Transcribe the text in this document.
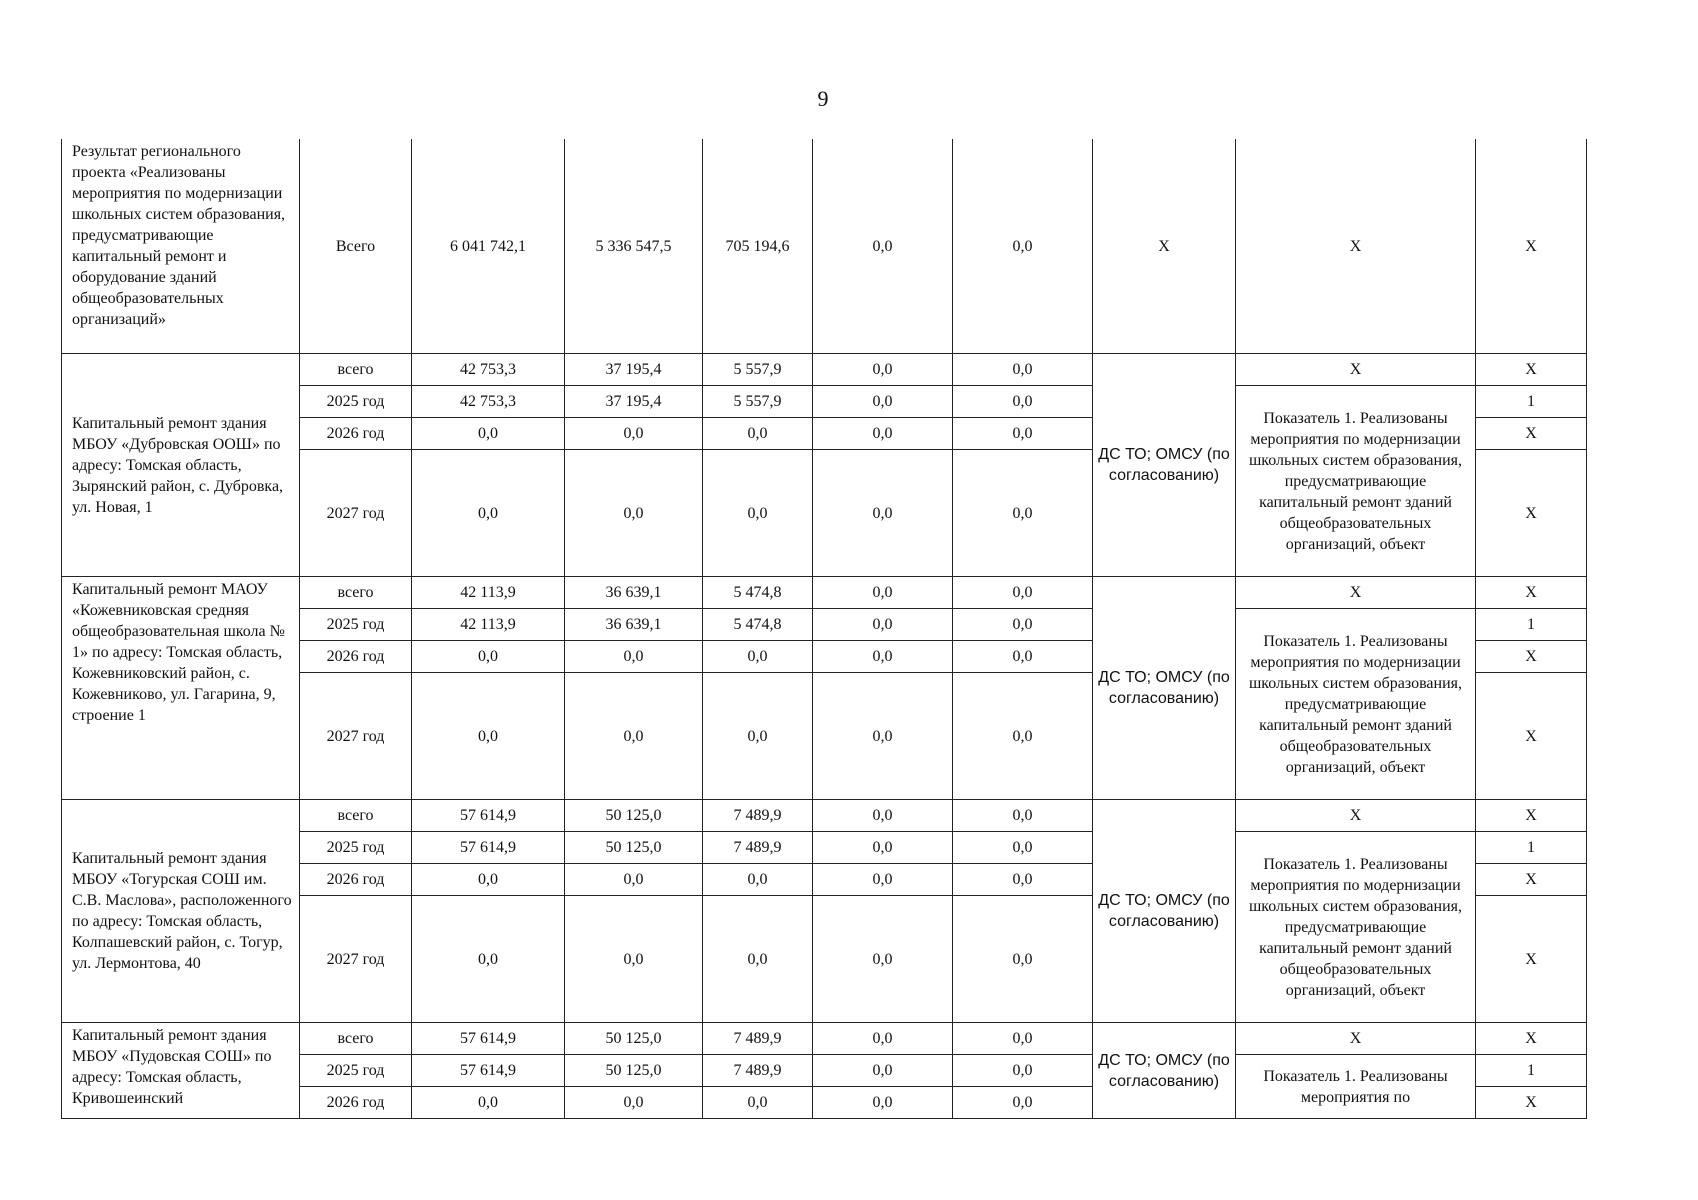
9
Результат регионального проекта «Реализованы мероприятия по модернизации школьных систем образования, предусматривающие капитальный ремонт и оборудование зданий общеобразовательных организаций»	Всего	6 041 742,1	5 336 547,5	705 194,6	0,0	0,0	Х	Х	Х
Капитальный ремонт здания МБОУ «Дубровская ООШ» по адресу: Томская область, Зырянский район, с. Дубровка, ул. Новая, 1	всего	42 753,3	37 195,4	5 557,9	0,0	0,0	ДС ТО; ОМСУ (по согласованию)	Х	Х
	2025 год	42 753,3	37 195,4	5 557,9	0,0	0,0		Показатель 1. Реализованы мероприятия по модернизации школьных систем образования, предусматривающие капитальный ремонт зданий общеобразовательных организаций, объект	1
	2026 год	0,0	0,0	0,0	0,0	0,0			Х
	2027 год	0,0	0,0	0,0	0,0	0,0			Х
Капитальный ремонт МАОУ «Кожевниковская средняя общеобразовательная школа № 1» по адресу: Томская область, Кожевниковский район, с. Кожевниково, ул. Гагарина, 9, строение 1	всего	42 113,9	36 639,1	5 474,8	0,0	0,0	ДС ТО; ОМСУ (по согласованию)	Х	Х
	2025 год	42 113,9	36 639,1	5 474,8	0,0	0,0		Показатель 1. Реализованы мероприятия по модернизации школьных систем образования, предусматривающие капитальный ремонт зданий общеобразовательных организаций, объект	1
	2026 год	0,0	0,0	0,0	0,0	0,0			Х
	2027 год	0,0	0,0	0,0	0,0	0,0			Х
Капитальный ремонт здания МБОУ «Тогурская СОШ им. С.В. Маслова», расположенного по адресу: Томская область, Колпашевский район, с. Тогур, ул. Лермонтова, 40	всего	57 614,9	50 125,0	7 489,9	0,0	0,0	ДС ТО; ОМСУ (по согласованию)	Х	Х
	2025 год	57 614,9	50 125,0	7 489,9	0,0	0,0		Показатель 1. Реализованы мероприятия по модернизации школьных систем образования, предусматривающие капитальный ремонт зданий общеобразовательных организаций, объект	1
	2026 год	0,0	0,0	0,0	0,0	0,0			Х
	2027 год	0,0	0,0	0,0	0,0	0,0			Х
Капитальный ремонт здания МБОУ «Пудовская СОШ» по адресу: Томская область, Кривошеинский	всего	57 614,9	50 125,0	7 489,9	0,0	0,0	ДС ТО; ОМСУ (по согласованию)	Х	Х
	2025 год	57 614,9	50 125,0	7 489,9	0,0	0,0		Показатель 1. Реализованы мероприятия по	1
	2026 год	0,0	0,0	0,0	0,0	0,0			Х
